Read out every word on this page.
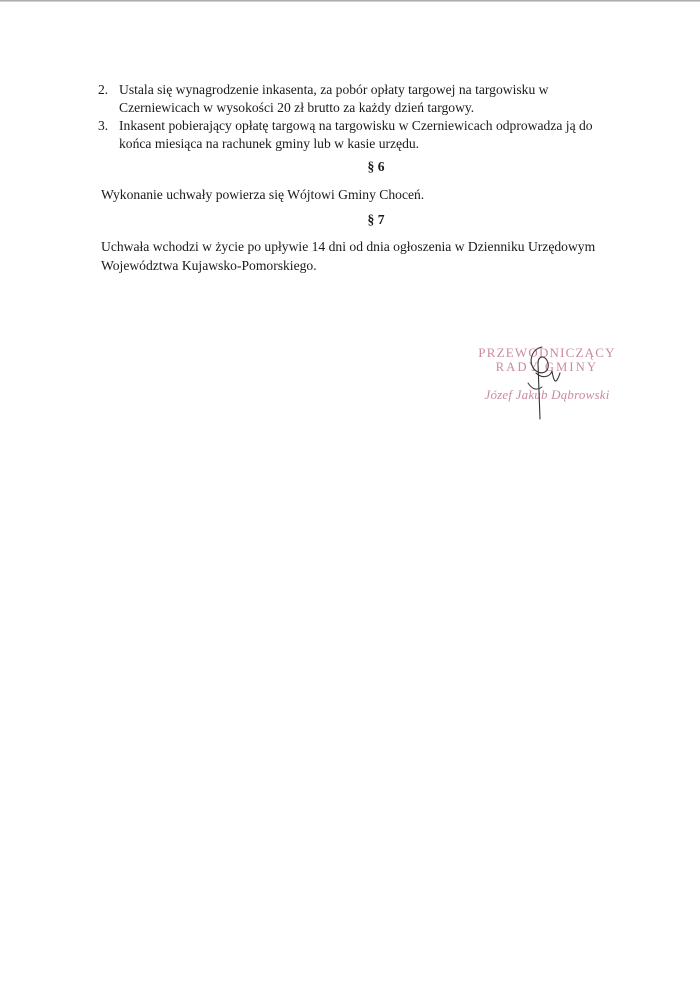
2. Ustala się wynagrodzenie inkasenta, za pobór opłaty targowej na targowisku w
Czerniewicach w wysokości 20 zł brutto za każdy dzień targowy.
3. Inkasent pobierający opłatę targową na targowisku w Czerniewicach odprowadza ją do
końca miesiąca na rachunek gminy lub w kasie urzędu.
§ 6
Wykonanie uchwały powierza się Wójtowi Gminy Choceń.
§ 7
Uchwała wchodzi w życie po upływie 14 dni od dnia ogłoszenia w Dzienniku Urzędowym
Województwa Kujawsko-Pomorskiego.
PRZEWODNICZĄCY
RADY GMINY
Józef Jakub Dąbrowski
